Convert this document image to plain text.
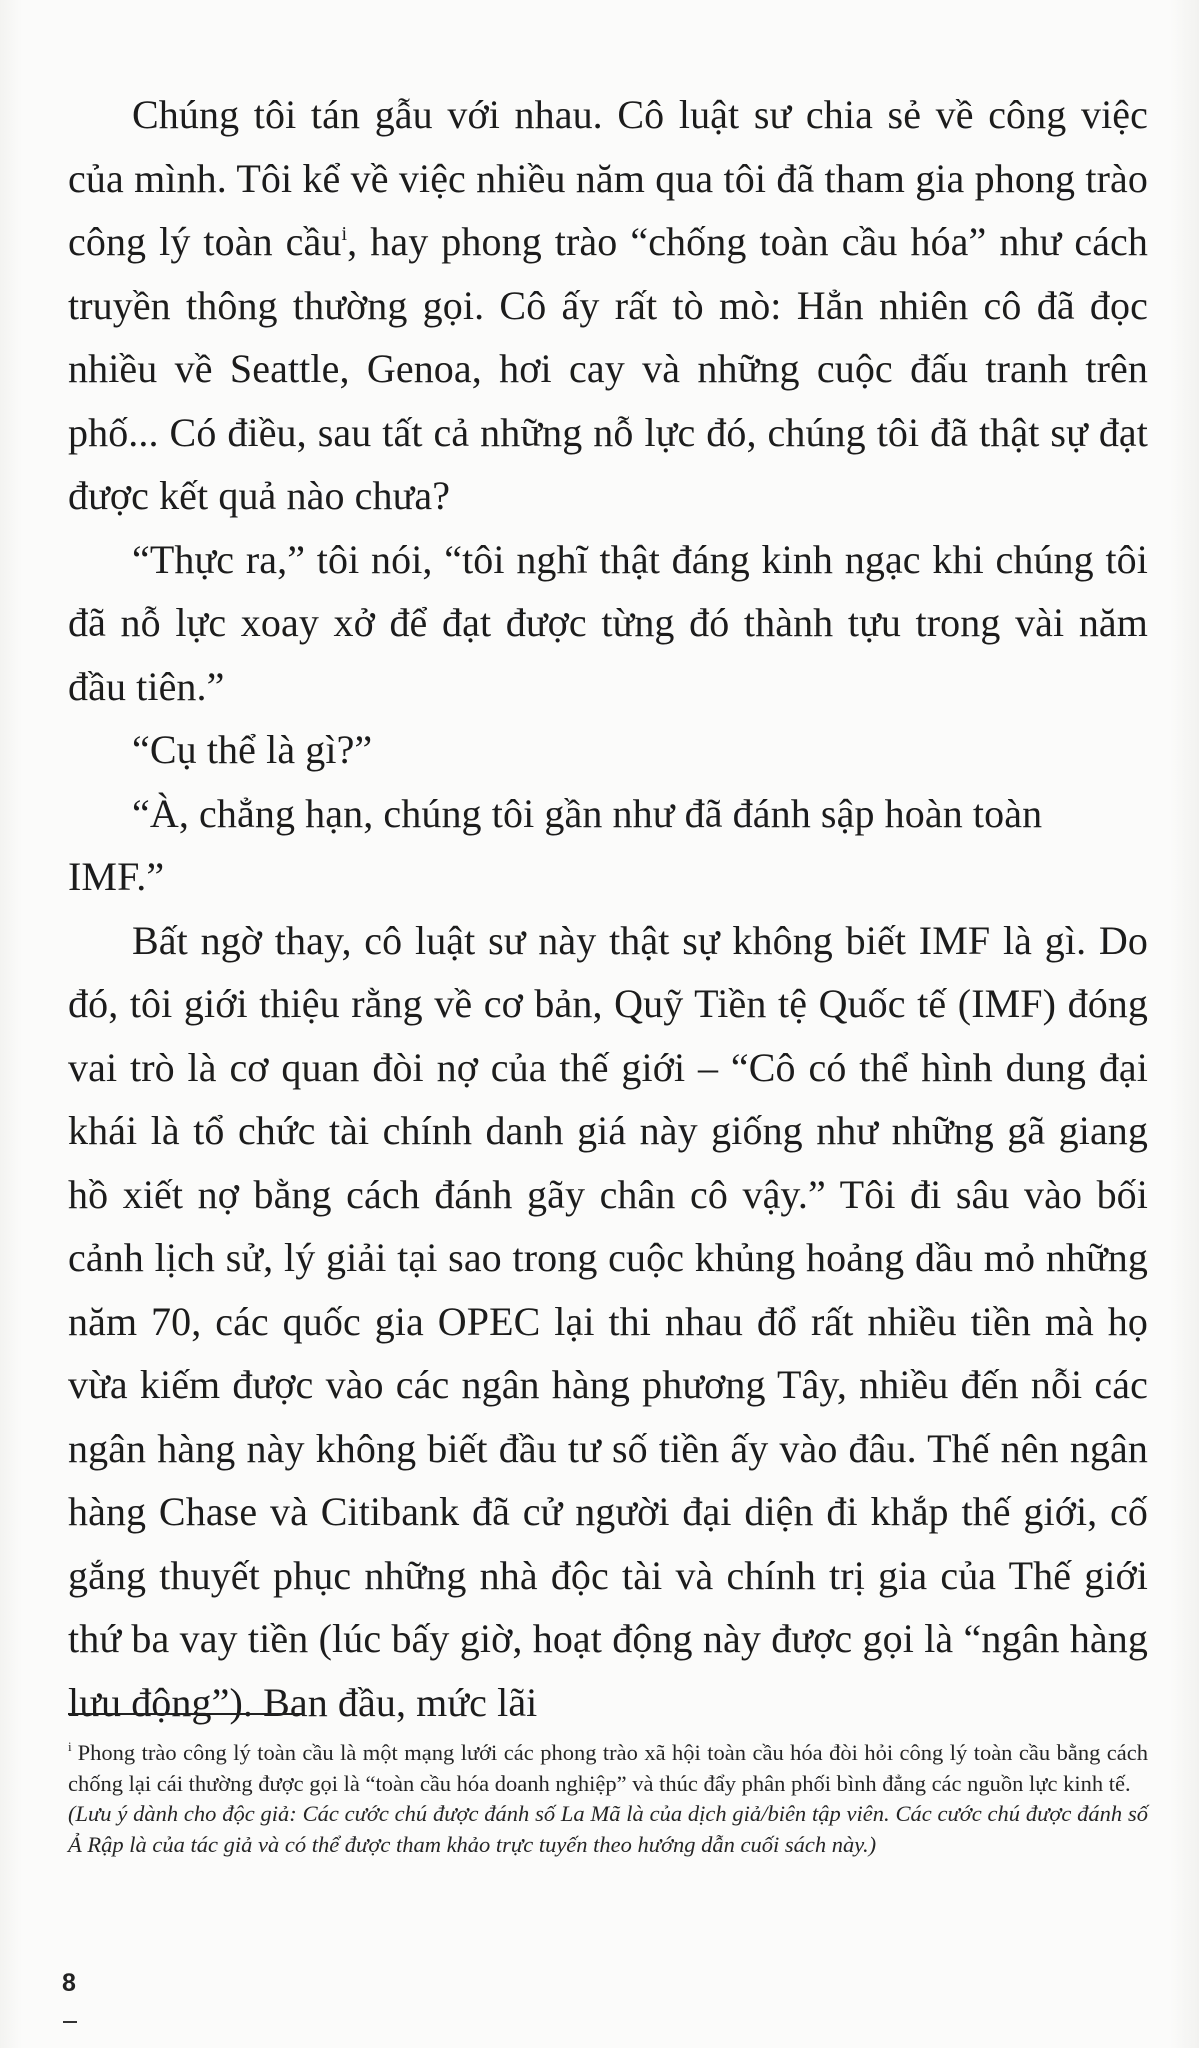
Chúng tôi tán gẫu với nhau. Cô luật sư chia sẻ về công việc của mình. Tôi kể về việc nhiều năm qua tôi đã tham gia phong trào công lý toàn cầu$^i$, hay phong trào “chống toàn cầu hóa” như cách truyền thông thường gọi. Cô ấy rất tò mò: Hẳn nhiên cô đã đọc nhiều về Seattle, Genoa, hơi cay và những cuộc đấu tranh trên phố... Có điều, sau tất cả những nỗ lực đó, chúng tôi đã thật sự đạt được kết quả nào chưa?

“Thực ra,” tôi nói, “tôi nghĩ thật đáng kinh ngạc khi chúng tôi đã nỗ lực xoay xở để đạt được từng đó thành tựu trong vài năm đầu tiên.”

“Cụ thể là gì?”

“À, chẳng hạn, chúng tôi gần như đã đánh sập hoàn toàn IMF.”

Bất ngờ thay, cô luật sư này thật sự không biết IMF là gì. Do đó, tôi giới thiệu rằng về cơ bản, Quỹ Tiền tệ Quốc tế (IMF) đóng vai trò là cơ quan đòi nợ của thế giới – “Cô có thể hình dung đại khái là tổ chức tài chính danh giá này giống như những gã giang hồ xiết nợ bằng cách đánh gãy chân cô vậy.” Tôi đi sâu vào bối cảnh lịch sử, lý giải tại sao trong cuộc khủng hoảng dầu mỏ những năm 70, các quốc gia OPEC lại thi nhau đổ rất nhiều tiền mà họ vừa kiếm được vào các ngân hàng phương Tây, nhiều đến nỗi các ngân hàng này không biết đầu tư số tiền ấy vào đâu. Thế nên ngân hàng Chase và Citibank đã cử người đại diện đi khắp thế giới, cố gắng thuyết phục những nhà độc tài và chính trị gia của Thế giới thứ ba vay tiền (lúc bấy giờ, hoạt động này được gọi là “ngân hàng lưu động”). Ban đầu, mức lãi

$^i$ Phong trào công lý toàn cầu là một mạng lưới các phong trào xã hội toàn cầu hóa đòi hỏi công lý toàn cầu bằng cách chống lại cái thường được gọi là “toàn cầu hóa doanh nghiệp” và thúc đẩy phân phối bình đẳng các nguồn lực kinh tế.

(Lưu ý dành cho độc giả: Các cước chú được đánh số La Mã là của dịch giả/biên tập viên. Các cước chú được đánh số Ả Rập là của tác giả và có thể được tham khảo trực tuyến theo hướng dẫn cuối sách này.)

8
